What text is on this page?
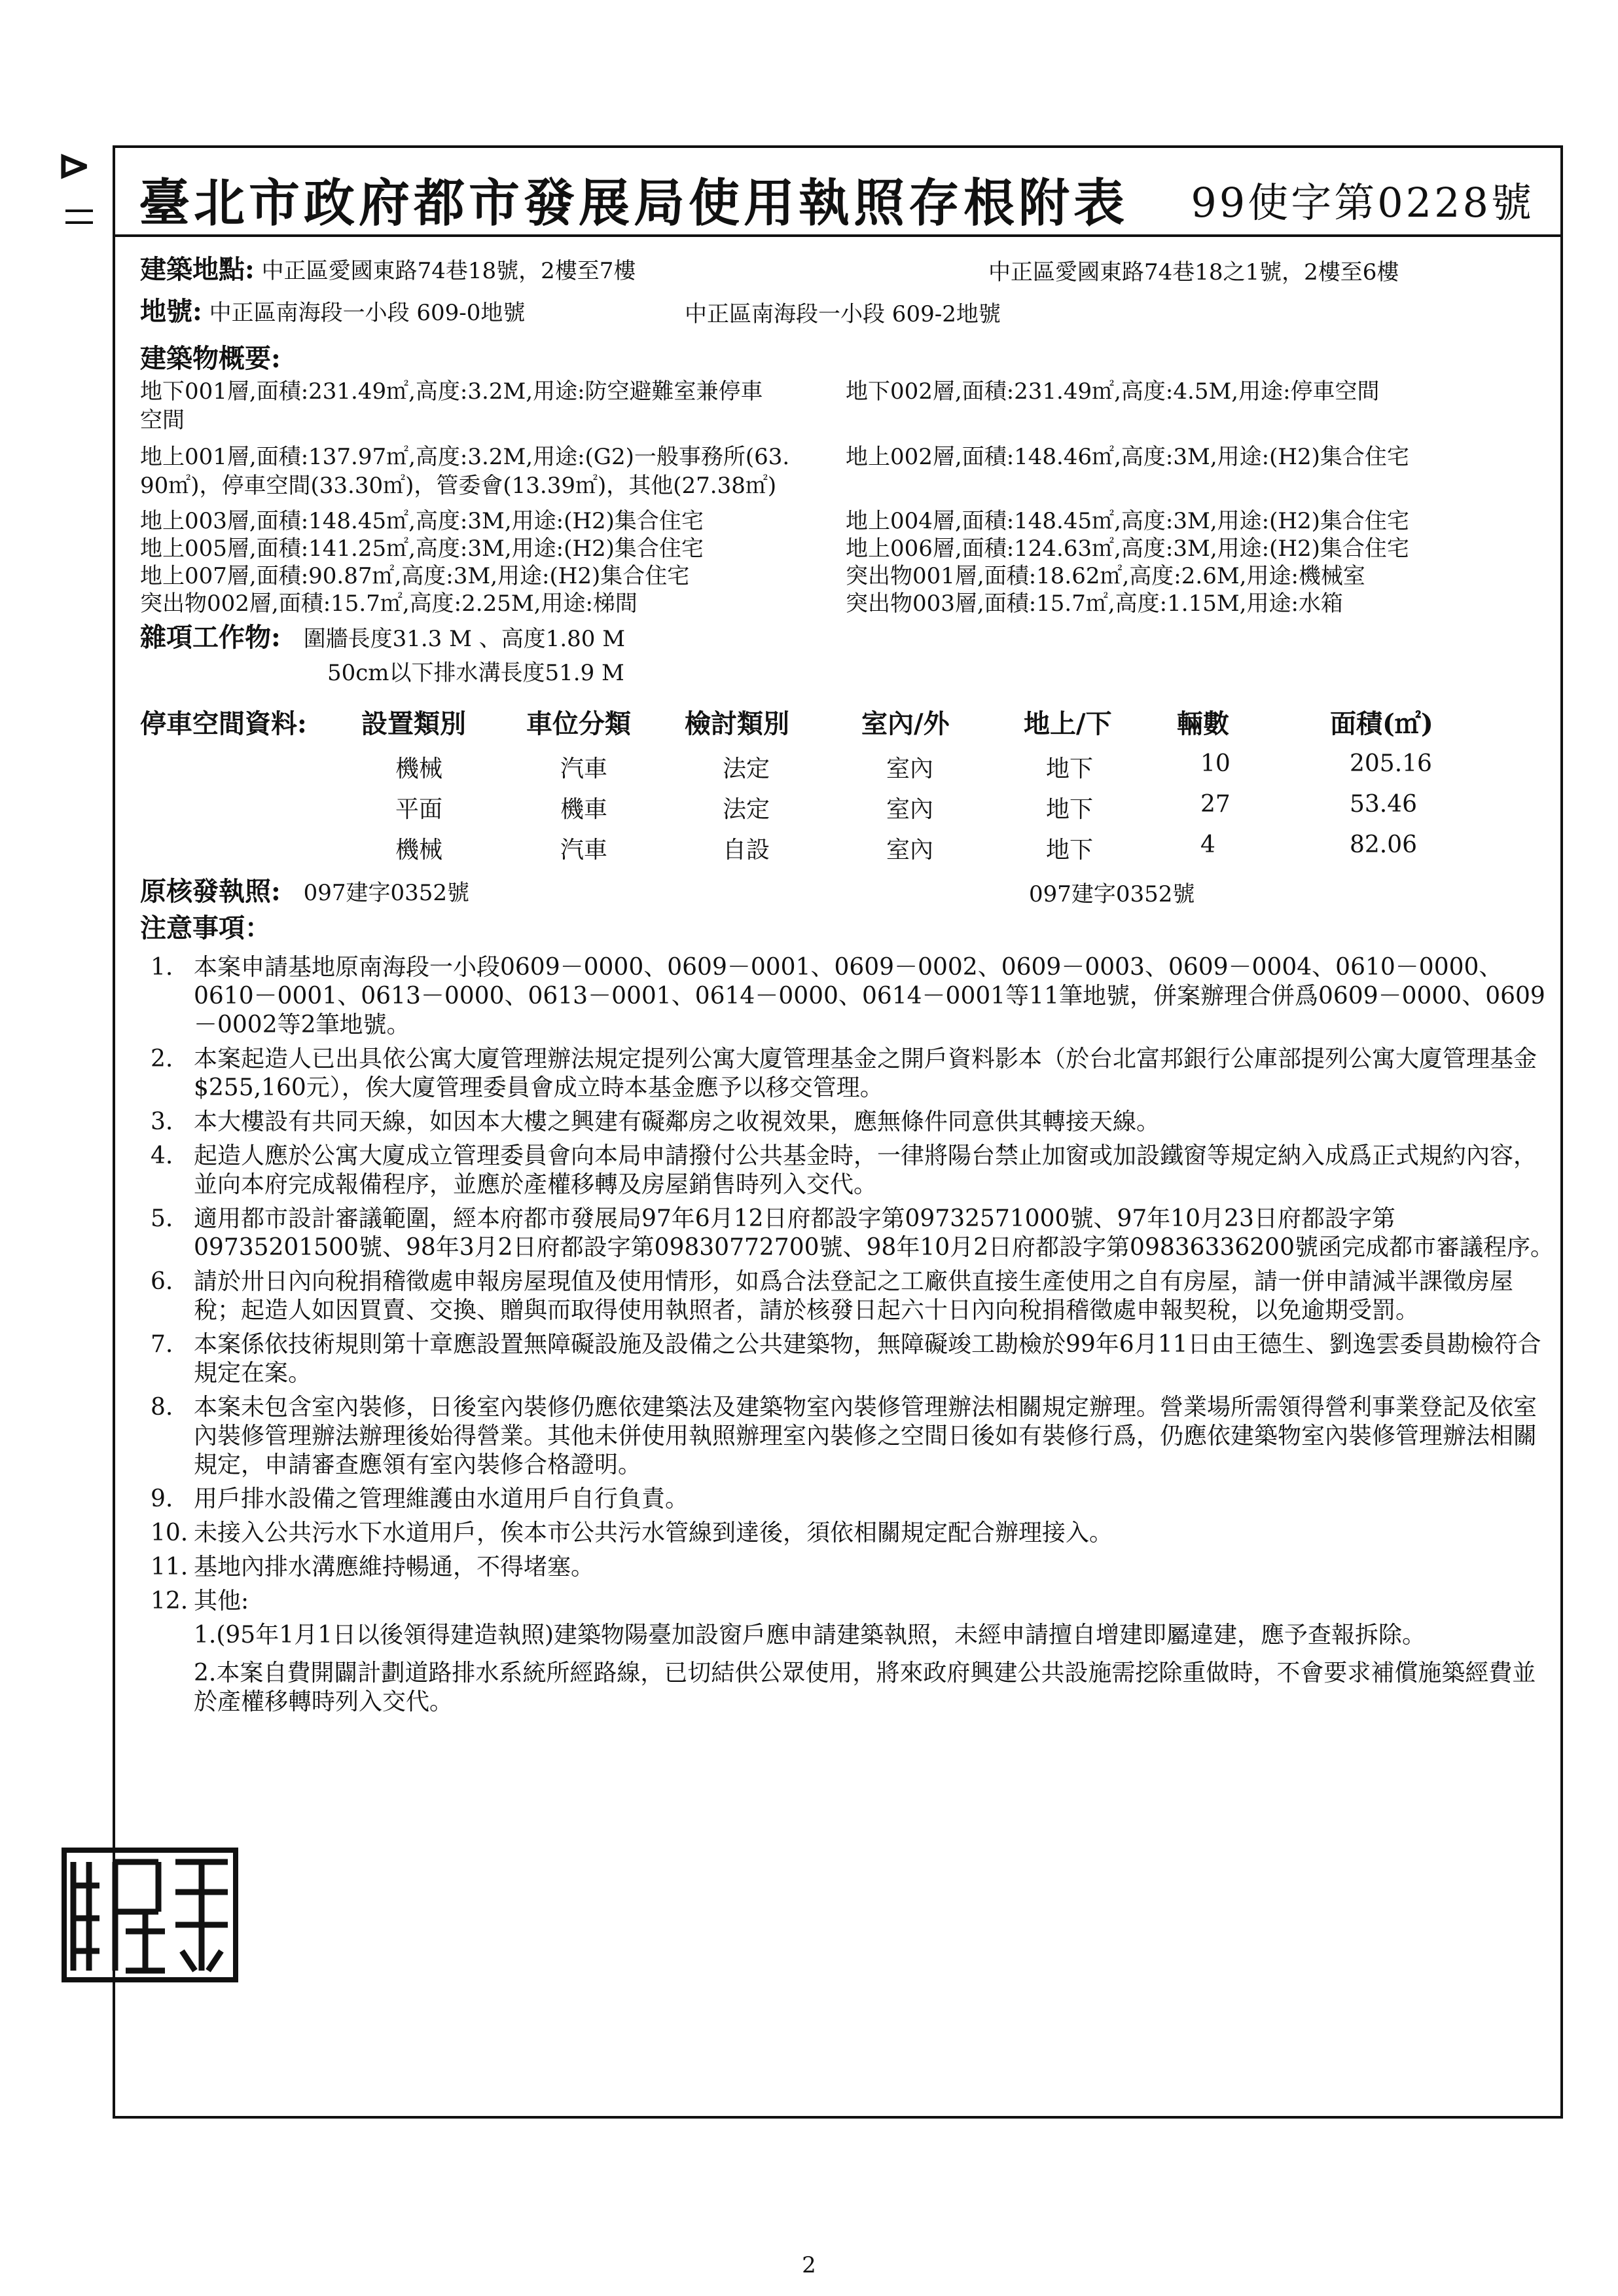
⊳
臺北市政府都市發展局使用執照存根附表 99使字第0228號
建築地點: 中正區愛國東路74巷18號，2樓至7樓	中正區愛國東路74巷18之1號，2樓至6樓
地號: 中正區南海段一小段 609-0地號	中正區南海段一小段 609-2地號
建築物概要:
地下001層,面積:231.49㎡,高度:3.2M,用途:防空避難室兼停車	地下002層,面積:231.49㎡,高度:4.5M,用途:停車空間
空間
地上001層,面積:137.97㎡,高度:3.2M,用途:(G2)一般事務所(63.	地上002層,面積:148.46㎡,高度:3M,用途:(H2)集合住宅
90㎡)，停車空間(33.30㎡)，管委會(13.39㎡)，其他(27.38㎡)
地上003層,面積:148.45㎡,高度:3M,用途:(H2)集合住宅	地上004層,面積:148.45㎡,高度:3M,用途:(H2)集合住宅
地上005層,面積:141.25㎡,高度:3M,用途:(H2)集合住宅	地上006層,面積:124.63㎡,高度:3M,用途:(H2)集合住宅
地上007層,面積:90.87㎡,高度:3M,用途:(H2)集合住宅	突出物001層,面積:18.62㎡,高度:2.6M,用途:機械室
突出物002層,面積:15.7㎡,高度:2.25M,用途:梯間	突出物003層,面積:15.7㎡,高度:1.15M,用途:水箱
雜項工作物: 圍牆長度31.3 M 、高度1.80 M
50cm以下排水溝長度51.9 M
停車空間資料: 設置類別 車位分類 檢討類別	室內/外	地上/下 輛數	面積(㎡)
機械	汽車	法定	室內	地下	10	205.16
平面	機車	法定	室內	地下	27	53.46
機械	汽車	自設	室內	地下	4	82.06
原核發執照: 097建字0352號	097建字0352號
注意事項：
1. 本案申請基地原南海段一小段0609－0000、0609－0001、0609－0002、0609－0003、0609－0004、0610－0000、0610－0001、0613－0000、0613－0001、0614－0000、0614－0001等11筆地號，併案辦理合併爲0609－0000、0609－0002等2筆地號。
2. 本案起造人已出具依公寓大廈管理辦法規定提列公寓大廈管理基金之開戶資料影本（於台北富邦銀行公庫部提列公寓大廈管理基金$255,160元），俟大廈管理委員會成立時本基金應予以移交管理。
3. 本大樓設有共同天線，如因本大樓之興建有礙鄰房之收視效果，應無條件同意供其轉接天線。
4. 起造人應於公寓大廈成立管理委員會向本局申請撥付公共基金時，一律將陽台禁止加窗或加設鐵窗等規定納入成爲正式規約內容，並向本府完成報備程序，並應於產權移轉及房屋銷售時列入交代。
5. 適用都市設計審議範圍，經本府都市發展局97年6月12日府都設字第09732571000號、97年10月23日府都設字第09735201500號、98年3月2日府都設字第09830772700號、98年10月2日府都設字第09836336200號函完成都市審議程序。
6. 請於卅日內向稅捐稽徵處申報房屋現值及使用情形，如爲合法登記之工廠供直接生產使用之自有房屋，請一併申請減半課徵房屋稅；起造人如因買賣、交換、贈與而取得使用執照者，請於核發日起六十日內向稅捐稽徵處申報契稅，以免逾期受罰。
7. 本案係依技術規則第十章應設置無障礙設施及設備之公共建築物，無障礙竣工勘檢於99年6月11日由王德生、劉逸雲委員勘檢符合規定在案。
8. 本案未包含室內裝修，日後室內裝修仍應依建築法及建築物室內裝修管理辦法相關規定辦理。營業場所需領得營利事業登記及依室內裝修管理辦法辦理後始得營業。其他未併使用執照辦理室內裝修之空間日後如有裝修行爲，仍應依建築物室內裝修管理辦法相關規定，申請審查應領有室內裝修合格證明。
9. 用戶排水設備之管理維護由水道用戶自行負責。
10. 未接入公共污水下水道用戶，俟本市公共污水管線到達後，須依相關規定配合辦理接入。
11. 基地內排水溝應維持暢通，不得堵塞。
12. 其他:
1.(95年1月1日以後領得建造執照)建築物陽臺加設窗戶應申請建築執照，未經申請擅自增建即屬違建，應予查報拆除。
2.本案自費開闢計劃道路排水系統所經路線，已切結供公眾使用，將來政府興建公共設施需挖除重做時，不會要求補償施築經費並於產權移轉時列入交代。
2
